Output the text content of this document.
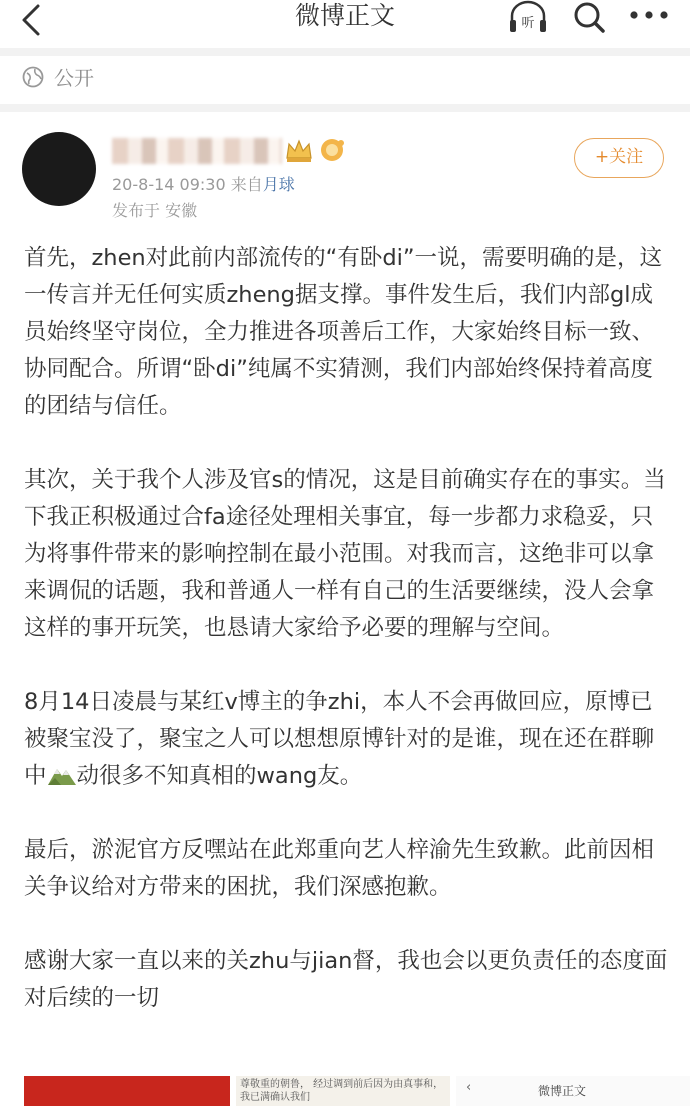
微博正文	听
公开
20-8-14 09:30 来自月球
发布于 安徽
+关注

首先，zhen对此前内部流传的“有卧di”一说，需要明确的是，这一传言并无任何实质zheng据支撑。事件发生后，我们内部gl成员始终坚守岗位，全力推进各项善后工作，大家始终目标一致、协同配合。所谓“卧di”纯属不实猜测，我们内部始终保持着高度的团结与信任。

其次，关于我个人涉及官s的情况，这是目前确实存在的事实。当下我正积极通过合fa途径处理相关事宜，每一步都力求稳妥，只为将事件带来的影响控制在最小范围。对我而言，这绝非可以拿来调侃的话题，我和普通人一样有自己的生活要继续，没人会拿这样的事开玩笑，也恳请大家给予必要的理解与空间。

8月14日凌晨与某红v博主的争zhi，本人不会再做回应，原博已被聚宝没了，聚宝之人可以想想原博针对的是谁，现在还在群聊中 动很多不知真相的wang友。

最后，淤泥官方反嘿站在此郑重向艺人梓渝先生致歉。此前因相关争议给对方带来的困扰，我们深感抱歉。

感谢大家一直以来的关zhu与jian督，我也会以更负责任的态度面对后续的一切

尊敬重的朝鲁， 经过调到前后因为由真事和，我已满确认我们
‹	微博正文
